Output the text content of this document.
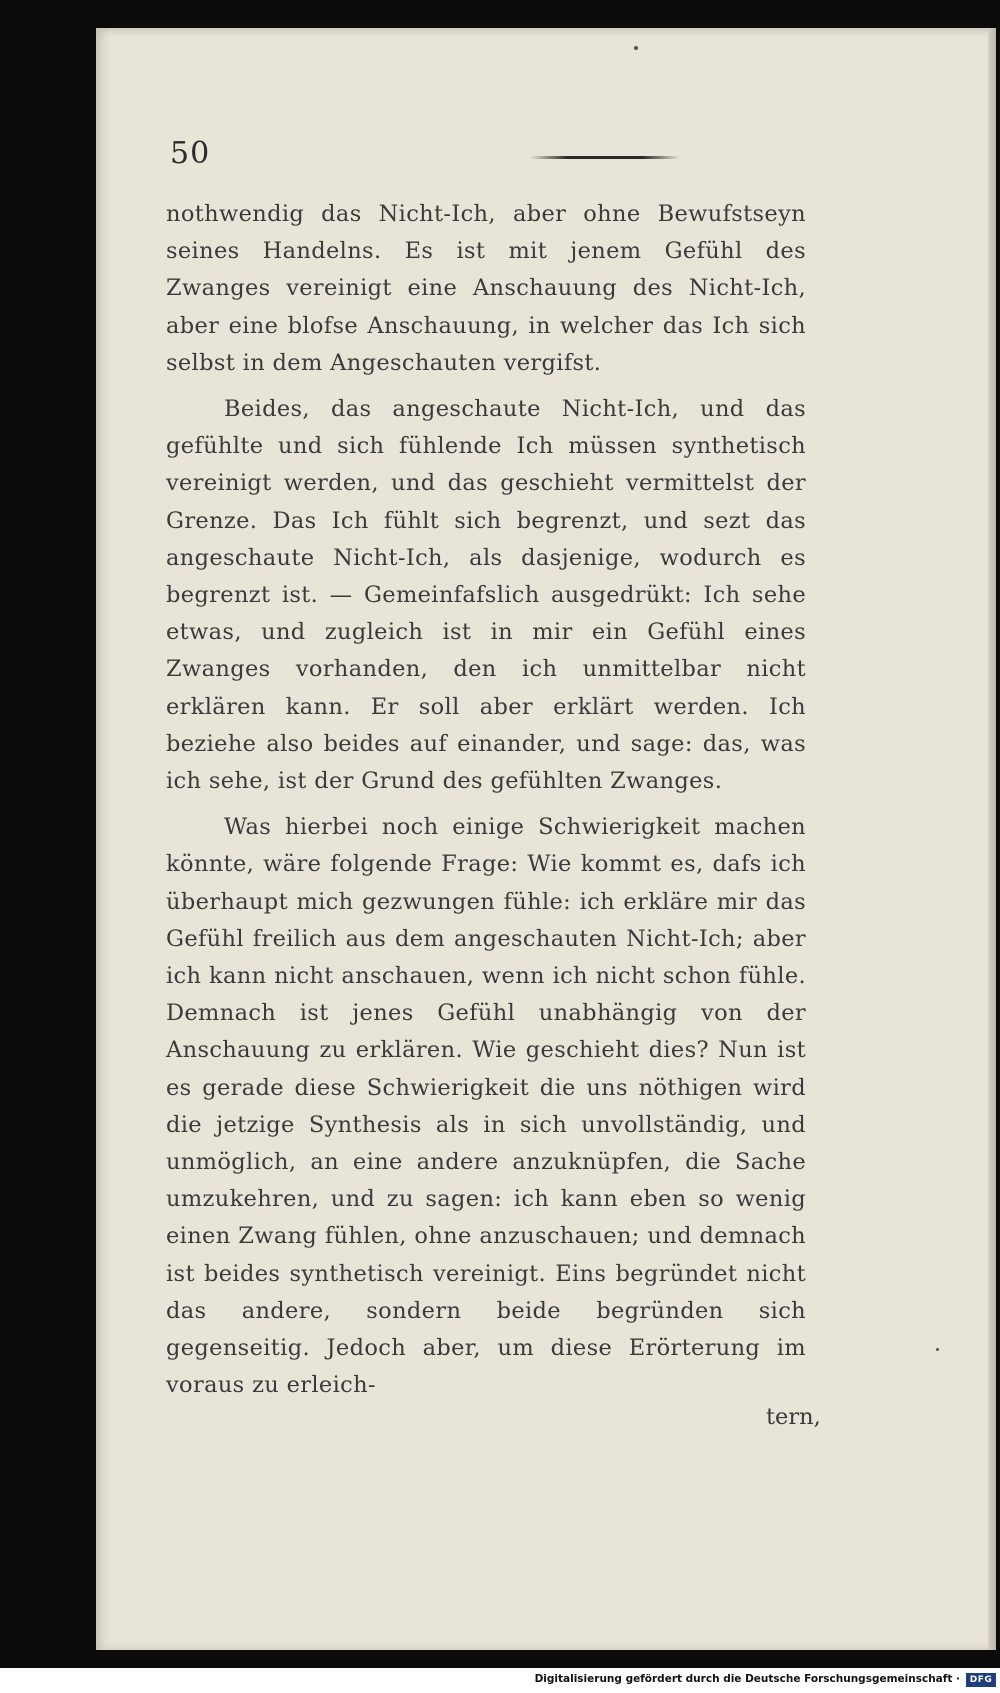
50

nothwendig das Nicht-Ich, aber ohne Bewufstseyn seines Handelns. Es ist mit jenem Gefühl des Zwanges vereinigt eine Anschauung des Nicht-Ich, aber eine blofse Anschauung, in welcher das Ich sich selbst in dem Angeschauten vergifst.

Beides, das angeschaute Nicht-Ich, und das gefühlte und sich fühlende Ich müssen synthetisch vereinigt werden, und das geschieht vermittelst der Grenze. Das Ich fühlt sich begrenzt, und sezt das angeschaute Nicht-Ich, als dasjenige, wodurch es begrenzt ist. — Gemeinfafslich ausgedrükt: Ich sehe etwas, und zugleich ist in mir ein Gefühl eines Zwanges vorhanden, den ich unmittelbar nicht erklären kann. Er soll aber erklärt werden. Ich beziehe also beides auf einander, und sage: das, was ich sehe, ist der Grund des gefühlten Zwanges.

Was hierbei noch einige Schwierigkeit machen könnte, wäre folgende Frage: Wie kommt es, dafs ich überhaupt mich gezwungen fühle: ich erkläre mir das Gefühl freilich aus dem angeschauten Nicht-Ich; aber ich kann nicht anschauen, wenn ich nicht schon fühle. Demnach ist jenes Gefühl unabhängig von der Anschauung zu erklären. Wie geschieht dies? Nun ist es gerade diese Schwierigkeit die uns nöthigen wird die jetzige Synthesis als in sich unvollständig, und unmöglich, an eine andere anzuknüpfen, die Sache umzukehren, und zu sagen: ich kann eben so wenig einen Zwang fühlen, ohne anzuschauen; und demnach ist beides synthetisch vereinigt. Eins begründet nicht das andere, sondern beide begründen sich gegenseitig. Jedoch aber, um diese Erörterung im voraus zu erleich-

tern,
Digitalisierung gefördert durch die Deutsche Forschungsgemeinschaft ·	DFG
